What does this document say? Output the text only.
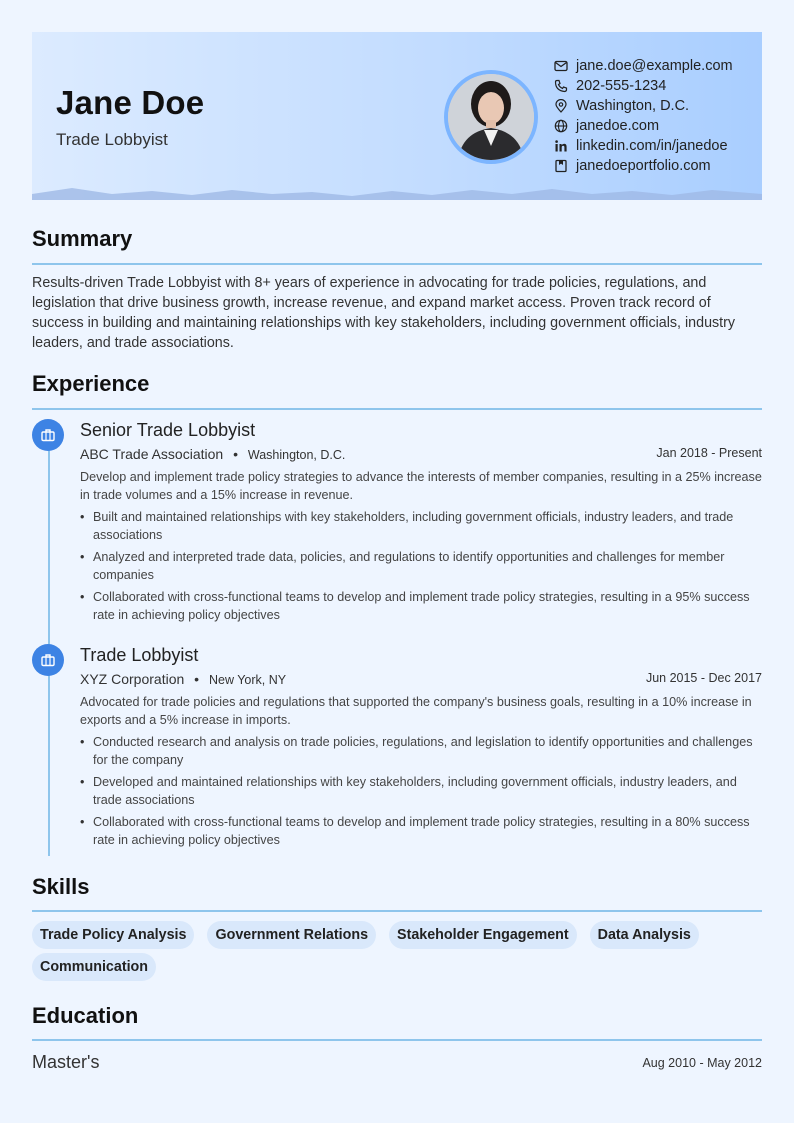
Jane Doe
Trade Lobbyist
jane.doe@example.com
202-555-1234
Washington, D.C.
janedoe.com
linkedin.com/in/janedoe
janedoeportfolio.com
Summary
Results-driven Trade Lobbyist with 8+ years of experience in advocating for trade policies, regulations, and legislation that drive business growth, increase revenue, and expand market access. Proven track record of success in building and maintaining relationships with key stakeholders, including government officials, industry leaders, and trade associations.
Experience
Senior Trade Lobbyist
ABC Trade Association • Washington, D.C.	Jan 2018 - Present
Develop and implement trade policy strategies to advance the interests of member companies, resulting in a 25% increase in trade volumes and a 15% increase in revenue.
• Built and maintained relationships with key stakeholders, including government officials, industry leaders, and trade associations
• Analyzed and interpreted trade data, policies, and regulations to identify opportunities and challenges for member companies
• Collaborated with cross-functional teams to develop and implement trade policy strategies, resulting in a 95% success rate in achieving policy objectives
Trade Lobbyist
XYZ Corporation • New York, NY	Jun 2015 - Dec 2017
Advocated for trade policies and regulations that supported the company's business goals, resulting in a 10% increase in exports and a 5% increase in imports.
• Conducted research and analysis on trade policies, regulations, and legislation to identify opportunities and challenges for the company
• Developed and maintained relationships with key stakeholders, including government officials, industry leaders, and trade associations
• Collaborated with cross-functional teams to develop and implement trade policy strategies, resulting in a 80% success rate in achieving policy objectives
Skills
Trade Policy Analysis	Government Relations	Stakeholder Engagement	Data Analysis
Communication
Education
Master's	Aug 2010 - May 2012
